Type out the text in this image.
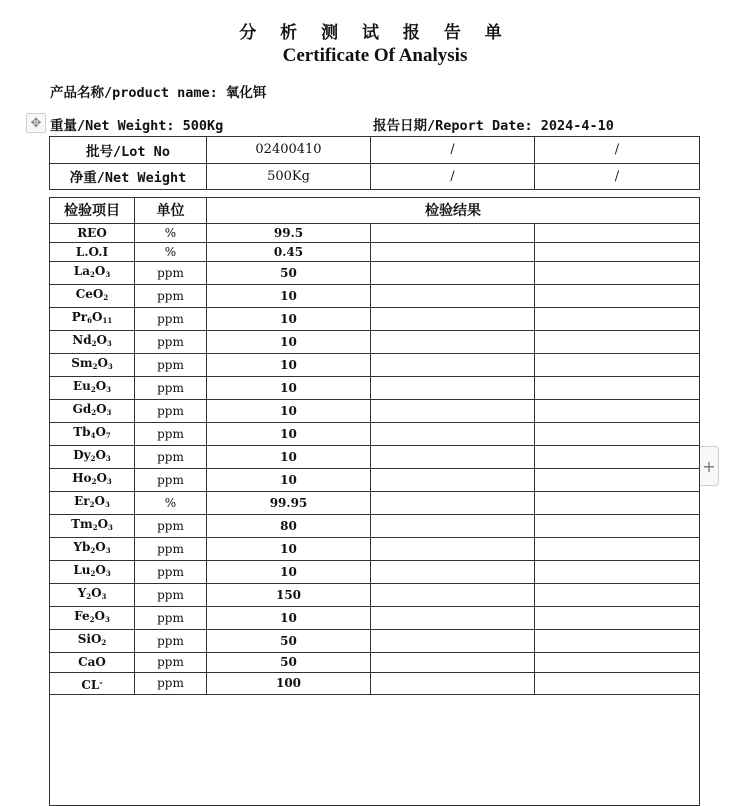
分 析 测 试 报 告 单
Certificate Of Analysis
产品名称/product name: 氧化铒
✥ 重量/Net Weight: 500Kg	报告日期/Report Date: 2024-4-10
批号/Lot No	02400410	/	/
净重/Net Weight	500Kg	/	/
检验项目	单位	检验结果		
REO	%	99.5		
L.O.I	%	0.45		
$La_2O_3$	ppm	50		
CeO$_2$	ppm	10		
$Pr_6O_{11}$	ppm	10		
$Nd_2O_3$	ppm	10		
$Sm_2O_3$	ppm	10		
$Eu_2O_3$	ppm	10		
$Gd_2O_3$	ppm	10		
$Tb_4O_7$	ppm	10		
$Dy_2O_3$	ppm	10		
$Ho_2O_3$	ppm	10		
$Er_2O_3$	%	99.95		
$Tm_2O_3$	ppm	80		
$Yb_2O_3$	ppm	10		
$Lu_2O_3$	ppm	10		
$Y_2O_3$	ppm	150		
$Fe_2O_3$	ppm	10		
SiO$_2$	ppm	50		
CaO	ppm	50		
CL-	ppm	100		

+
